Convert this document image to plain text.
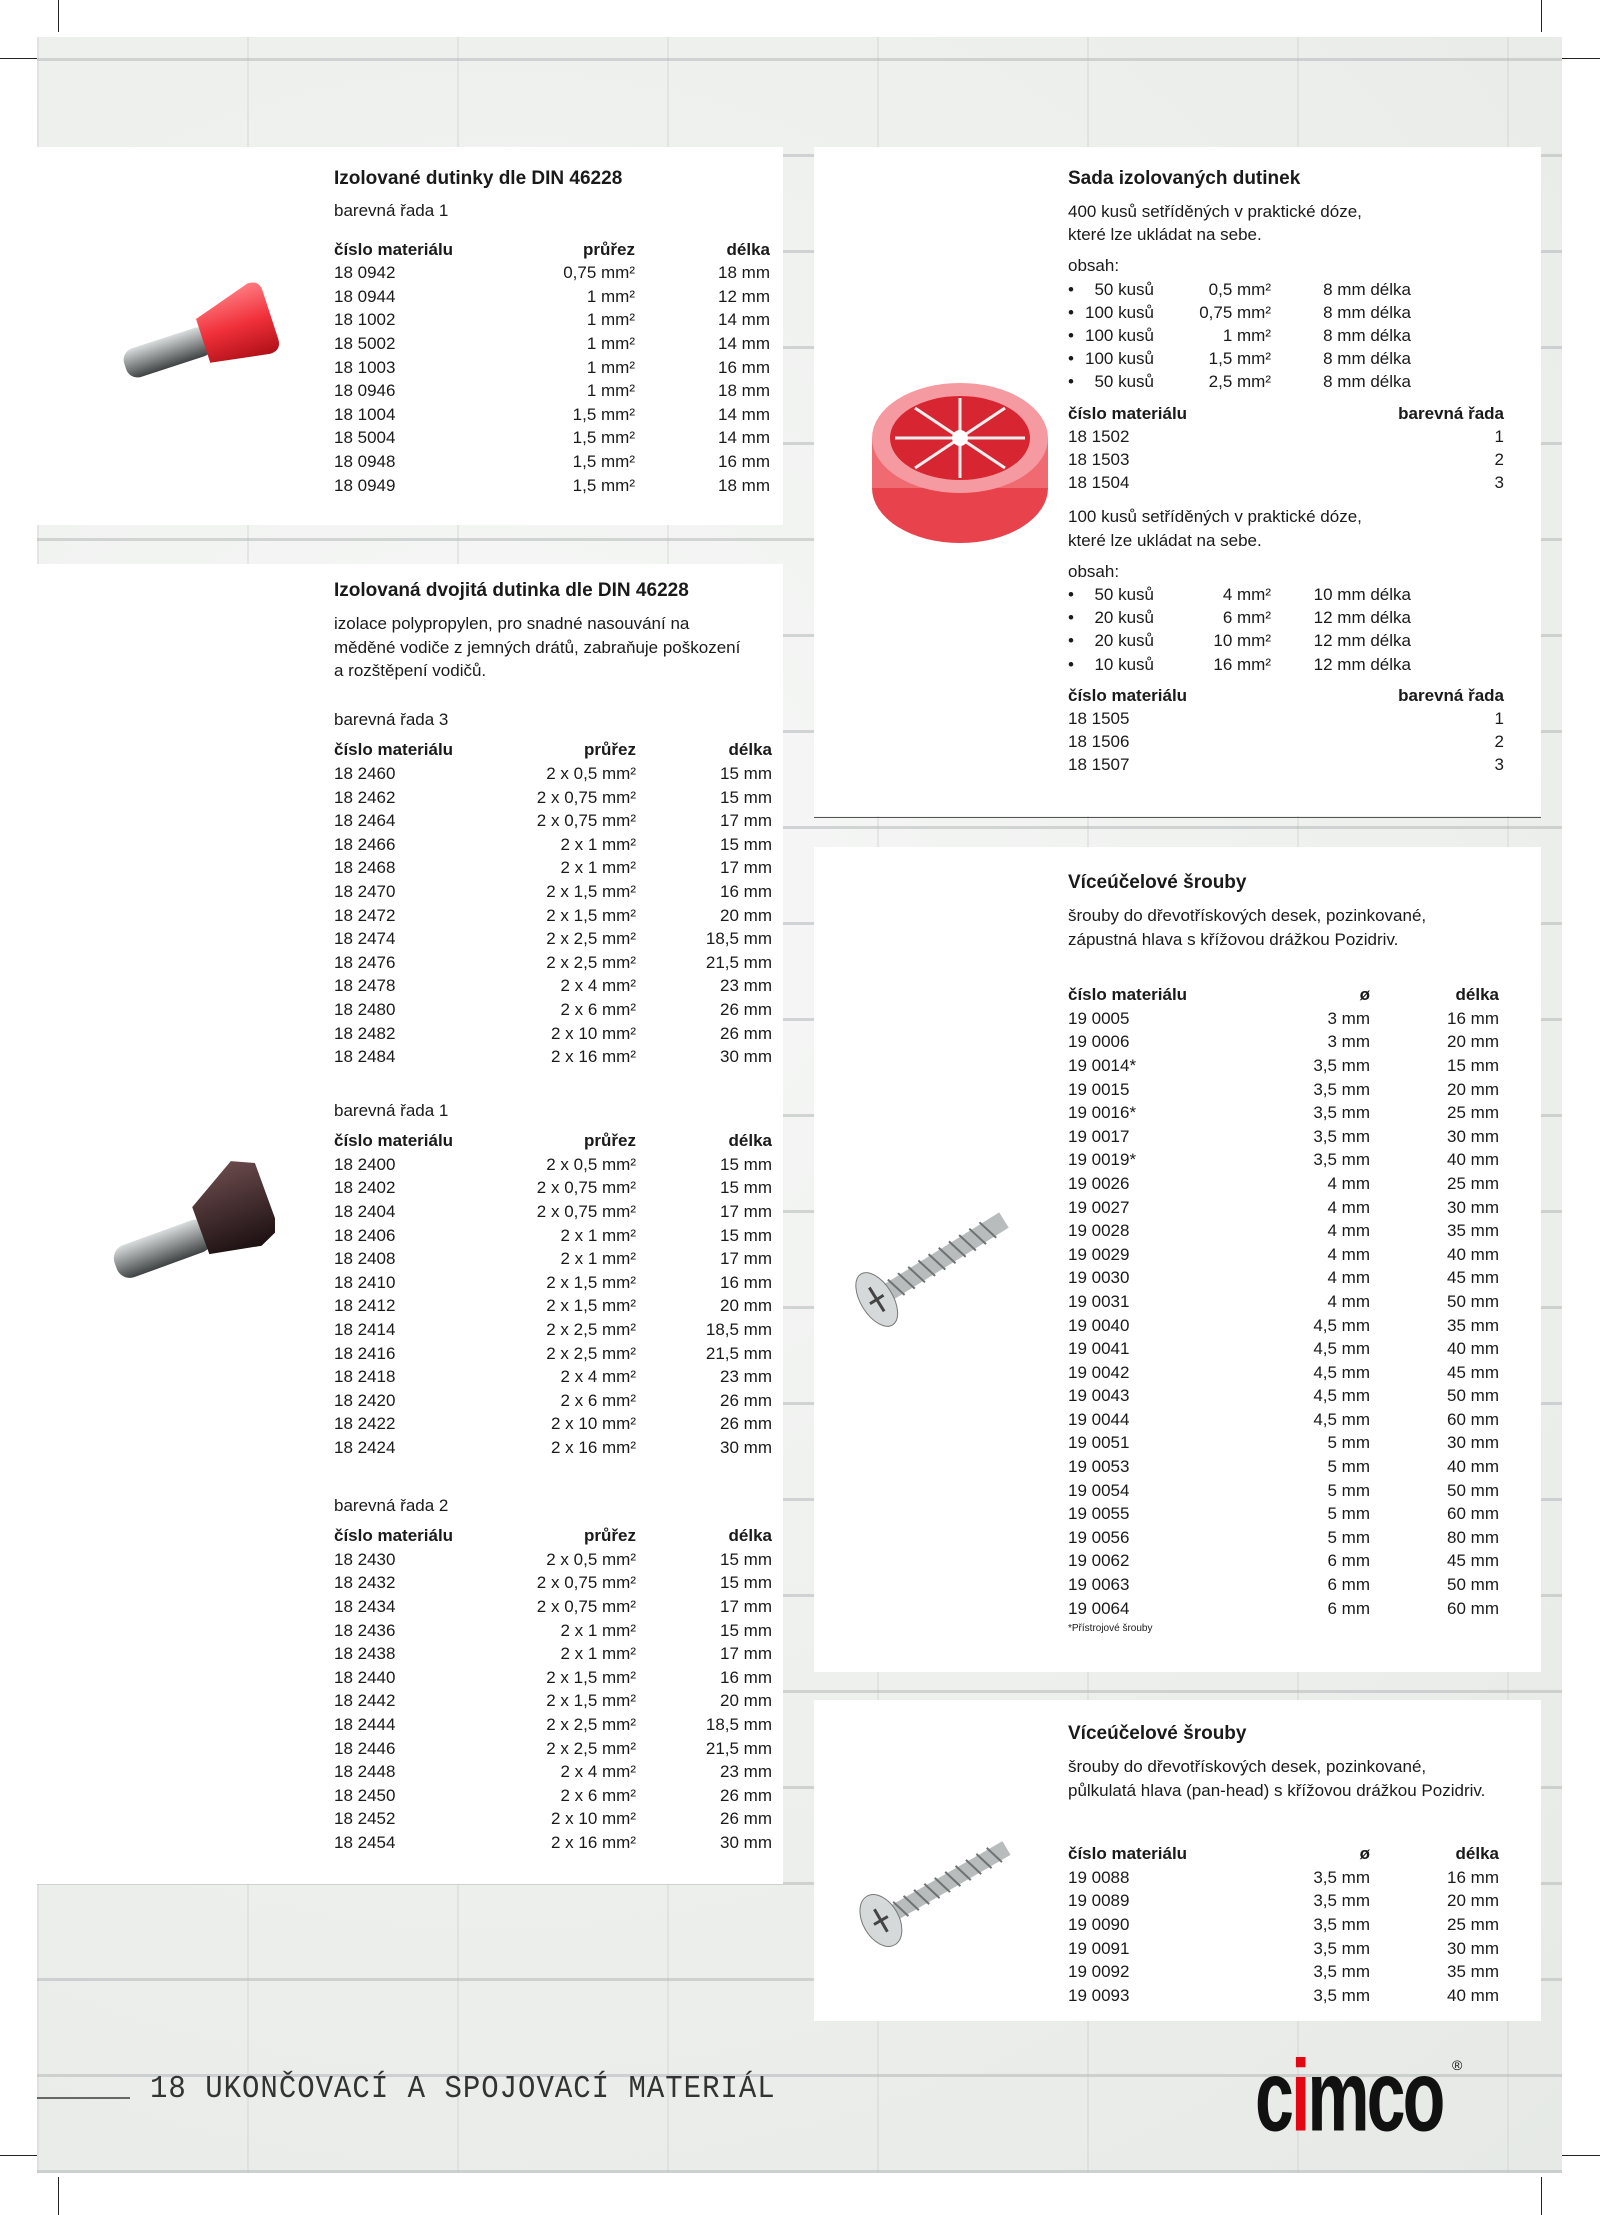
Izolované dutinky dle DIN 46228
barevná řada 1
číslo materiálu	průřez	délka
18 0942	0,75 mm²	18 mm
18 0944	1 mm²	12 mm
18 1002	1 mm²	14 mm
18 5002	1 mm²	14 mm
18 1003	1 mm²	16 mm
18 0946	1 mm²	18 mm
18 1004	1,5 mm²	14 mm
18 5004	1,5 mm²	14 mm
18 0948	1,5 mm²	16 mm
18 0949	1,5 mm²	18 mm
Izolovaná dvojitá dutinka dle DIN 46228
izolace polypropylen, pro snadné nasouvání na
měděné vodiče z jemných drátů, zabraňuje poškození
a rozštěpení vodičů.
barevná řada 3
číslo materiálu	průřez	délka
18 2460	2 x 0,5 mm²	15 mm
18 2462	2 x 0,75 mm²	15 mm
18 2464	2 x 0,75 mm²	17 mm
18 2466	2 x 1 mm²	15 mm
18 2468	2 x 1 mm²	17 mm
18 2470	2 x 1,5 mm²	16 mm
18 2472	2 x 1,5 mm²	20 mm
18 2474	2 x 2,5 mm²	18,5 mm
18 2476	2 x 2,5 mm²	21,5 mm
18 2478	2 x 4 mm²	23 mm
18 2480	2 x 6 mm²	26 mm
18 2482	2 x 10 mm²	26 mm
18 2484	2 x 16 mm²	30 mm
barevná řada 1
číslo materiálu	průřez	délka
18 2400	2 x 0,5 mm²	15 mm
18 2402	2 x 0,75 mm²	15 mm
18 2404	2 x 0,75 mm²	17 mm
18 2406	2 x 1 mm²	15 mm
18 2408	2 x 1 mm²	17 mm
18 2410	2 x 1,5 mm²	16 mm
18 2412	2 x 1,5 mm²	20 mm
18 2414	2 x 2,5 mm²	18,5 mm
18 2416	2 x 2,5 mm²	21,5 mm
18 2418	2 x 4 mm²	23 mm
18 2420	2 x 6 mm²	26 mm
18 2422	2 x 10 mm²	26 mm
18 2424	2 x 16 mm²	30 mm
barevná řada 2
číslo materiálu	průřez	délka
18 2430	2 x 0,5 mm²	15 mm
18 2432	2 x 0,75 mm²	15 mm
18 2434	2 x 0,75 mm²	17 mm
18 2436	2 x 1 mm²	15 mm
18 2438	2 x 1 mm²	17 mm
18 2440	2 x 1,5 mm²	16 mm
18 2442	2 x 1,5 mm²	20 mm
18 2444	2 x 2,5 mm²	18,5 mm
18 2446	2 x 2,5 mm²	21,5 mm
18 2448	2 x 4 mm²	23 mm
18 2450	2 x 6 mm²	26 mm
18 2452	2 x 10 mm²	26 mm
18 2454	2 x 16 mm²	30 mm
Sada izolovaných dutinek
400 kusů setříděných v praktické dóze,
které lze ukládat na sebe.
obsah:
•	50 kusů	0,5 mm²	8 mm délka
• 100 kusů	0,75 mm²	8 mm délka
• 100 kusů	1 mm²	8 mm délka
• 100 kusů	1,5 mm²	8 mm délka
•	50 kusů	2,5 mm²	8 mm délka
číslo materiálu	barevná řada
18 1502	1
18 1503	2
18 1504	3
100 kusů setříděných v praktické dóze,
které lze ukládat na sebe.
obsah:
•	50 kusů	4 mm²	10 mm délka
•	20 kusů	6 mm²	12 mm délka
•	20 kusů	10 mm²	12 mm délka
•	10 kusů	16 mm²	12 mm délka
číslo materiálu	barevná řada
18 1505	1
18 1506	2
18 1507	3
Víceúčelové šrouby
šrouby do dřevotřískových desek, pozinkované,
zápustná hlava s křížovou drážkou Pozidriv.
číslo materiálu	ø	délka
19 0005	3 mm	16 mm
19 0006	3 mm	20 mm
19 0014*	3,5 mm	15 mm
19 0015	3,5 mm	20 mm
19 0016*	3,5 mm	25 mm
19 0017	3,5 mm	30 mm
19 0019*	3,5 mm	40 mm
19 0026	4 mm	25 mm
19 0027	4 mm	30 mm
19 0028	4 mm	35 mm
19 0029	4 mm	40 mm
19 0030	4 mm	45 mm
19 0031	4 mm	50 mm
19 0040	4,5 mm	35 mm
19 0041	4,5 mm	40 mm
19 0042	4,5 mm	45 mm
19 0043	4,5 mm	50 mm
19 0044	4,5 mm	60 mm
19 0051	5 mm	30 mm
19 0053	5 mm	40 mm
19 0054	5 mm	50 mm
19 0055	5 mm	60 mm
19 0056	5 mm	80 mm
19 0062	6 mm	45 mm
19 0063	6 mm	50 mm
19 0064	6 mm	60 mm
*Přístrojové šrouby
Víceúčelové šrouby
šrouby do dřevotřískových desek, pozinkované,
půlkulatá hlava (pan-head) s křížovou drážkou Pozidriv.
číslo materiálu	ø	délka
19 0088	3,5 mm	16 mm
19 0089	3,5 mm	20 mm
19 0090	3,5 mm	25 mm
19 0091	3,5 mm	30 mm
19 0092	3,5 mm	35 mm
19 0093	3,5 mm	40 mm
18 UKONČOVACÍ A SPOJOVACÍ MATERIÁL	cimco ®
